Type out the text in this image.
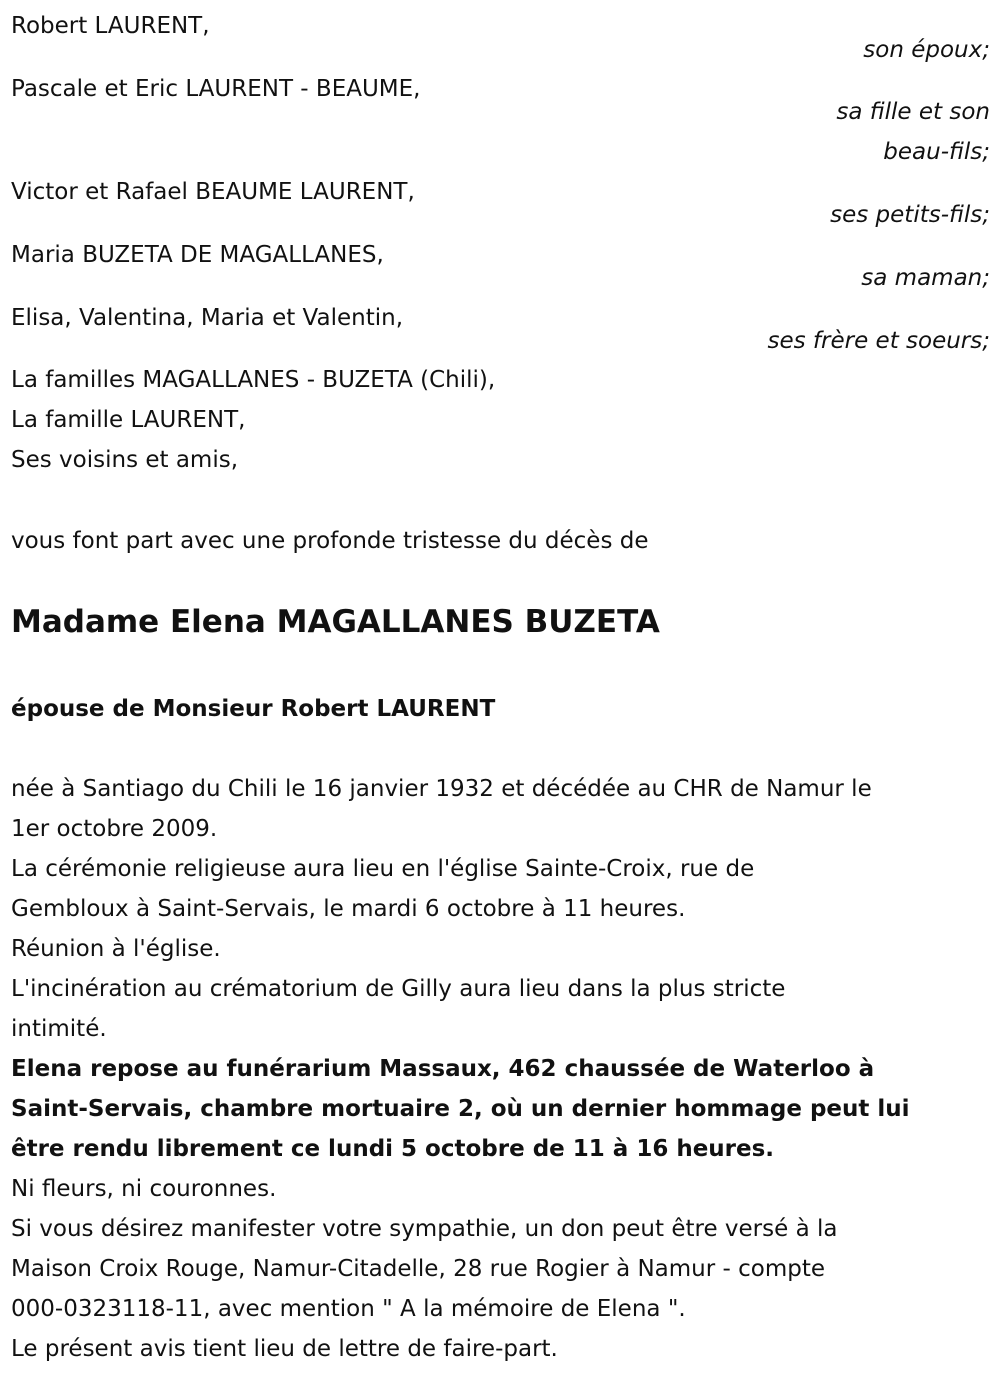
Robert LAURENT,
son époux;
Pascale et Eric LAURENT - BEAUME,
sa fille et son
beau-fils;
Victor et Rafael BEAUME LAURENT,
ses petits-fils;
Maria BUZETA DE MAGALLANES,
sa maman;
Elisa, Valentina, Maria et Valentin,
ses frère et soeurs;
La familles MAGALLANES - BUZETA (Chili),
La famille LAURENT,
Ses voisins et amis,
vous font part avec une profonde tristesse du décès de
Madame Elena MAGALLANES BUZETA
épouse de Monsieur Robert LAURENT
née à Santiago du Chili le 16 janvier 1932 et décédée au CHR de Namur le
1er octobre 2009.
La cérémonie religieuse aura lieu en l'église Sainte-Croix, rue de
Gembloux à Saint-Servais, le mardi 6 octobre à 11 heures.
Réunion à l'église.
L'incinération au crématorium de Gilly aura lieu dans la plus stricte
intimité.
Elena repose au funérarium Massaux, 462 chaussée de Waterloo à
Saint-Servais, chambre mortuaire 2, où un dernier hommage peut lui
être rendu librement ce lundi 5 octobre de 11 à 16 heures.
Ni fleurs, ni couronnes.
Si vous désirez manifester votre sympathie, un don peut être versé à la
Maison Croix Rouge, Namur-Citadelle, 28 rue Rogier à Namur - compte
000-0323118-11, avec mention " A la mémoire de Elena ".
Le présent avis tient lieu de lettre de faire-part.
